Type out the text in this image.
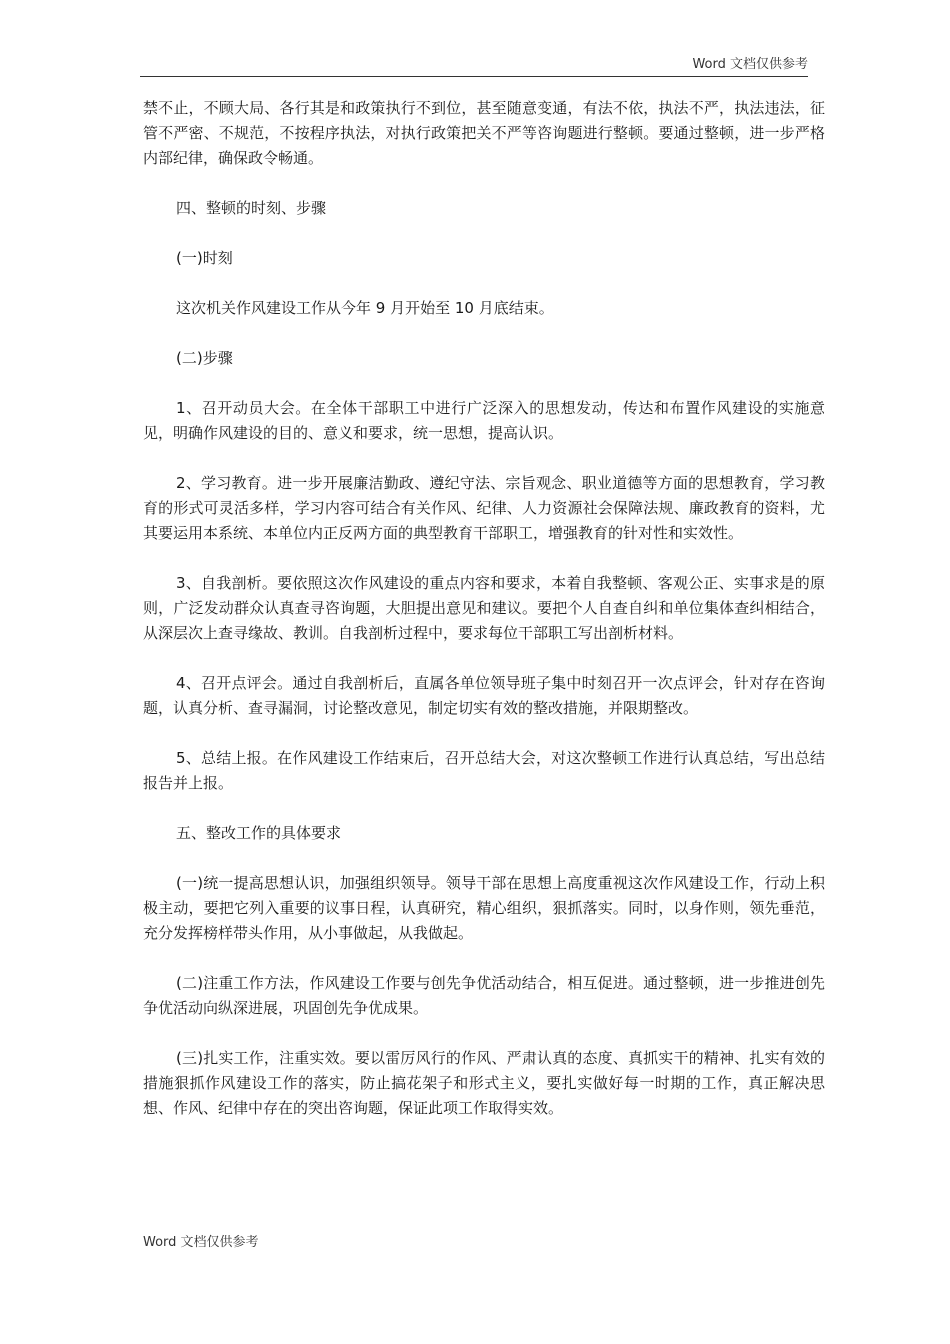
Word 文档仅供参考

禁不止，不顾大局、各行其是和政策执行不到位，甚至随意变通，有法不依，执法不严，执法违法，征管不严密、不规范，不按程序执法，对执行政策把关不严等咨询题进行整顿。要通过整顿，进一步严格内部纪律，确保政令畅通。

四、整顿的时刻、步骤

(一)时刻

这次机关作风建设工作从今年 9 月开始至 10 月底结束。

(二)步骤

1、召开动员大会。在全体干部职工中进行广泛深入的思想发动，传达和布置作风建设的实施意见，明确作风建设的目的、意义和要求，统一思想，提高认识。

2、学习教育。进一步开展廉洁勤政、遵纪守法、宗旨观念、职业道德等方面的思想教育，学习教育的形式可灵活多样，学习内容可结合有关作风、纪律、人力资源社会保障法规、廉政教育的资料，尤其要运用本系统、本单位内正反两方面的典型教育干部职工，增强教育的针对性和实效性。

3、自我剖析。要依照这次作风建设的重点内容和要求，本着自我整顿、客观公正、实事求是的原则，广泛发动群众认真查寻咨询题，大胆提出意见和建议。要把个人自查自纠和单位集体查纠相结合，从深层次上查寻缘故、教训。自我剖析过程中，要求每位干部职工写出剖析材料。

4、召开点评会。通过自我剖析后，直属各单位领导班子集中时刻召开一次点评会，针对存在咨询题，认真分析、查寻漏洞，讨论整改意见，制定切实有效的整改措施，并限期整改。

5、总结上报。在作风建设工作结束后，召开总结大会，对这次整顿工作进行认真总结，写出总结报告并上报。

五、整改工作的具体要求

(一)统一提高思想认识，加强组织领导。领导干部在思想上高度重视这次作风建设工作，行动上积极主动，要把它列入重要的议事日程，认真研究，精心组织，狠抓落实。同时，以身作则，领先垂范，充分发挥榜样带头作用，从小事做起，从我做起。

(二)注重工作方法，作风建设工作要与创先争优活动结合，相互促进。通过整顿，进一步推进创先争优活动向纵深进展，巩固创先争优成果。

(三)扎实工作，注重实效。要以雷厉风行的作风、严肃认真的态度、真抓实干的精神、扎实有效的措施狠抓作风建设工作的落实，防止搞花架子和形式主义，要扎实做好每一时期的工作，真正解决思想、作风、纪律中存在的突出咨询题，保证此项工作取得实效。

Word 文档仅供参考
